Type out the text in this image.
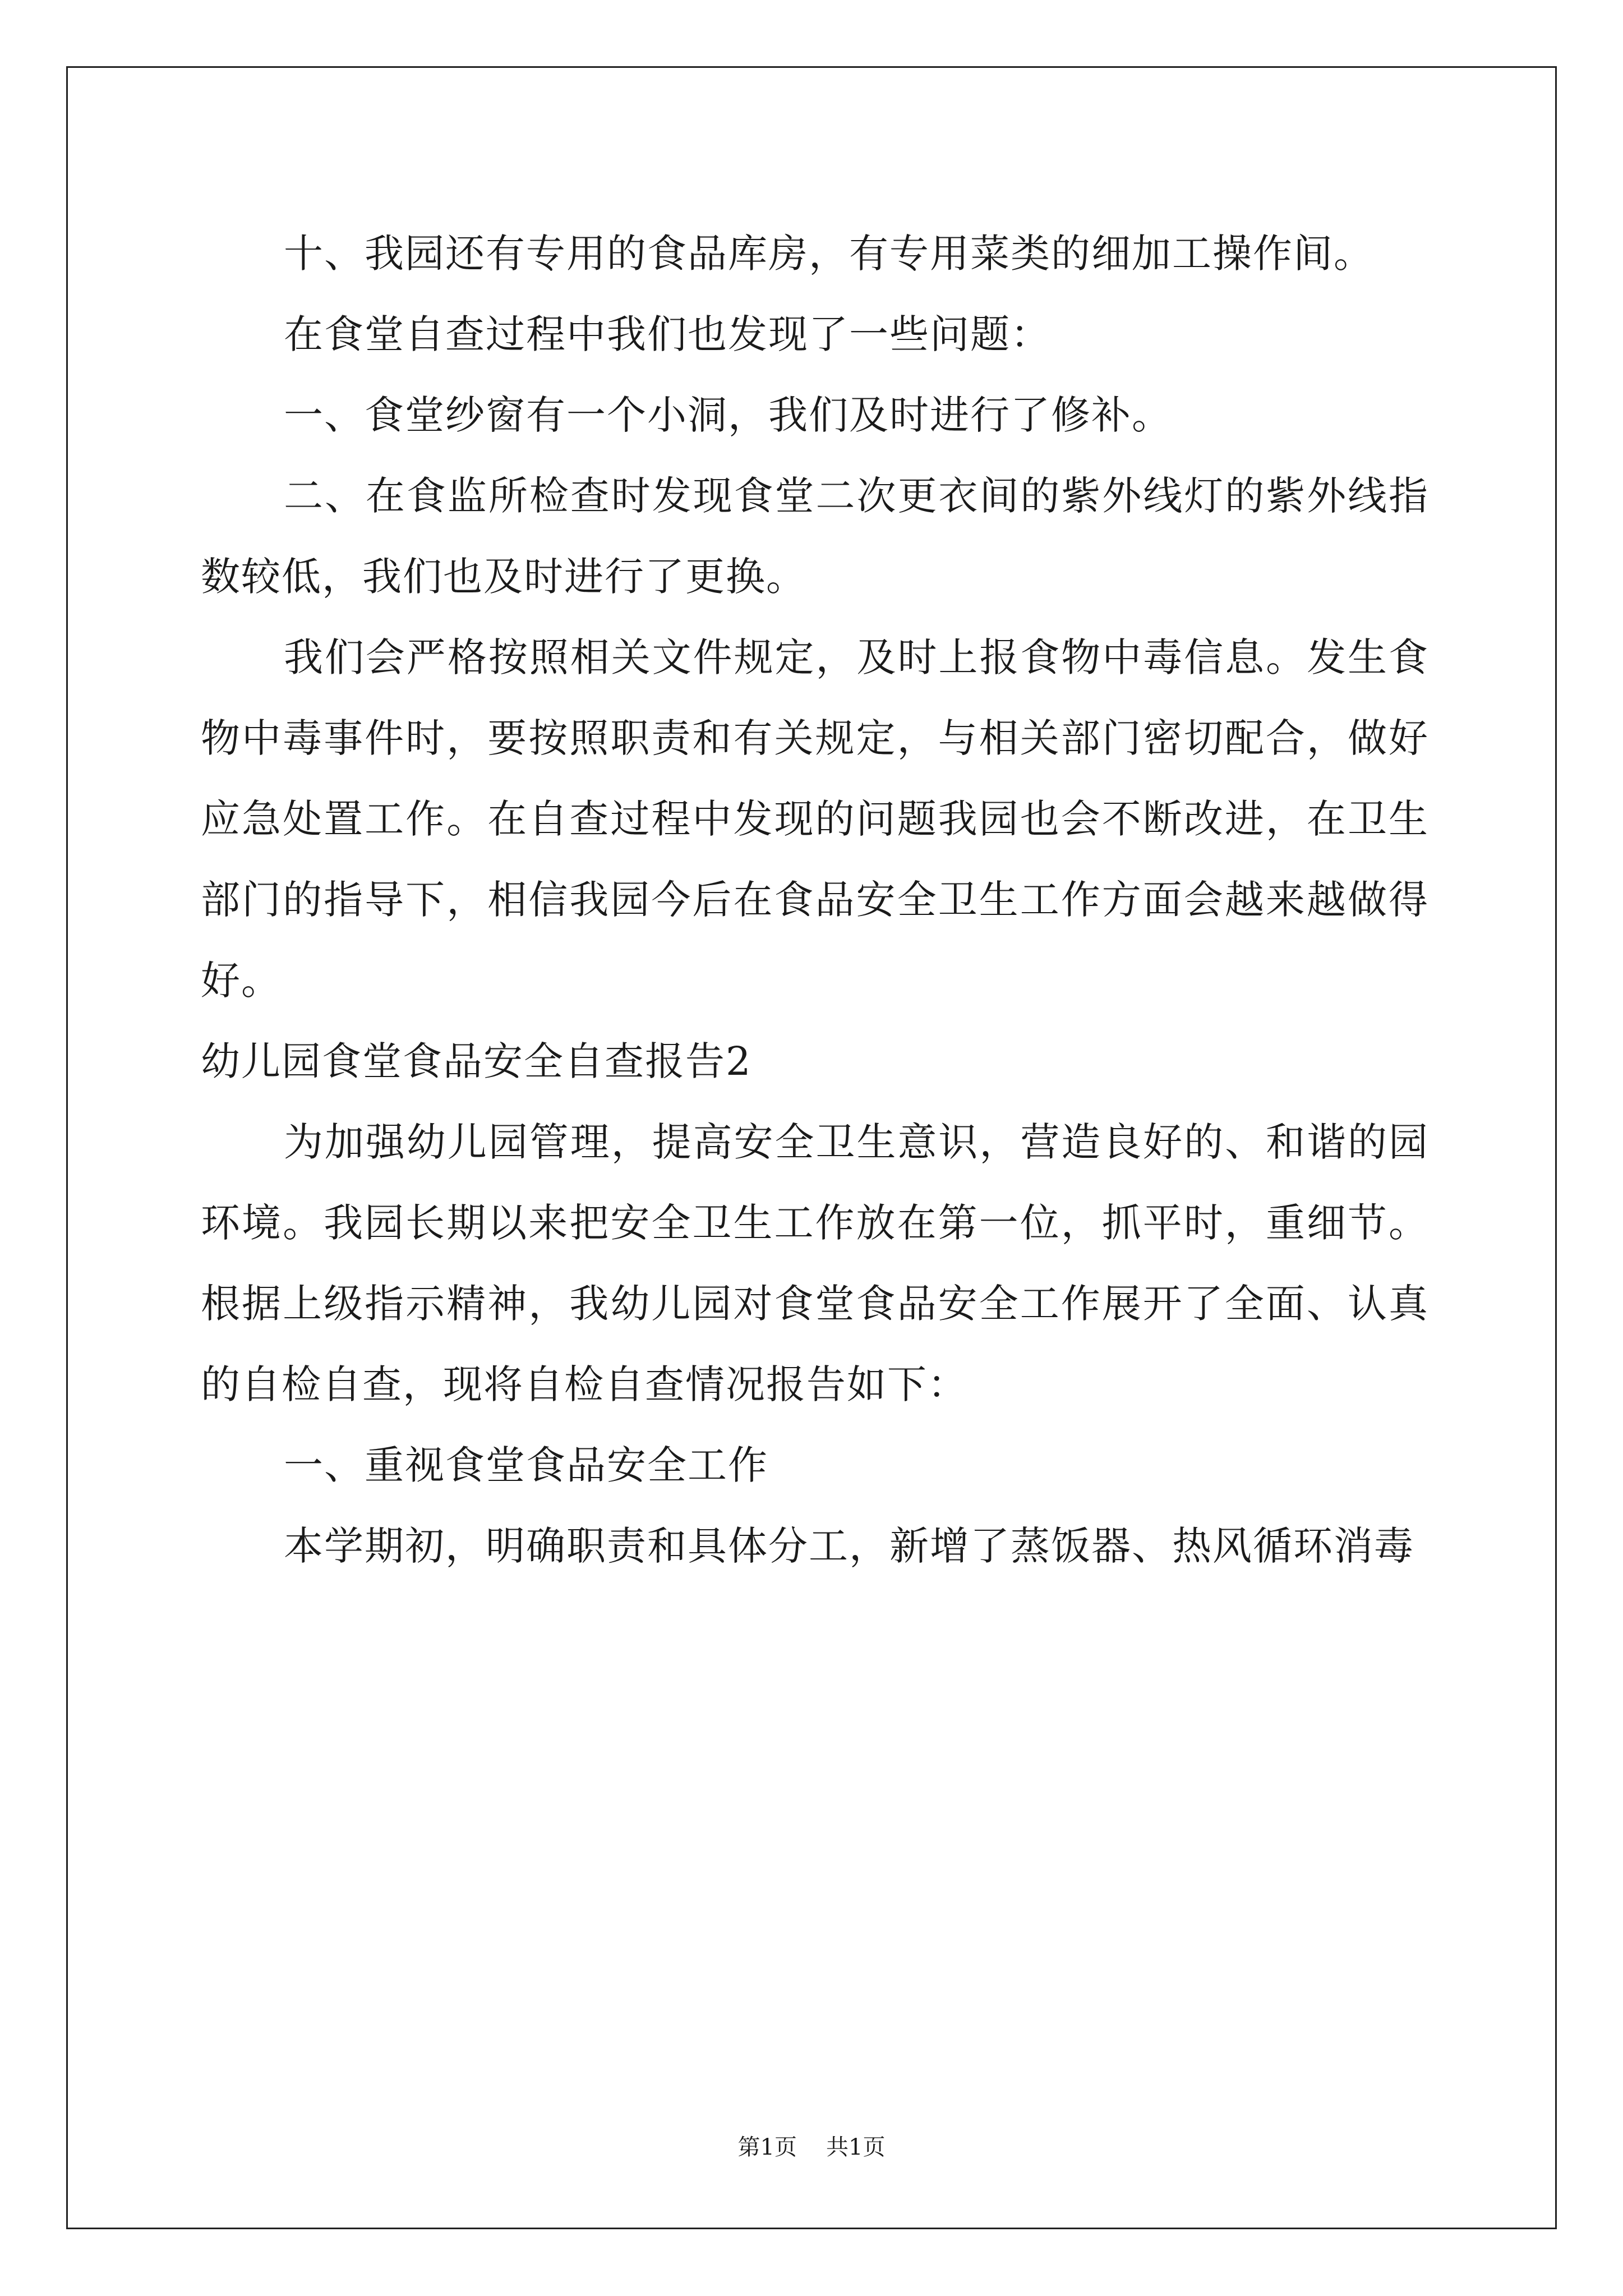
十、我园还有专用的食品库房，有专用菜类的细加工操作间。

在食堂自查过程中我们也发现了一些问题：

一、食堂纱窗有一个小洞，我们及时进行了修补。

二、在食监所检查时发现食堂二次更衣间的紫外线灯的紫外线指数较低，我们也及时进行了更换。

我们会严格按照相关文件规定，及时上报食物中毒信息。发生食物中毒事件时，要按照职责和有关规定，与相关部门密切配合，做好应急处置工作。在自查过程中发现的问题我园也会不断改进，在卫生部门的指导下，相信我园今后在食品安全卫生工作方面会越来越做得好。

幼儿园食堂食品安全自查报告2

为加强幼儿园管理，提高安全卫生意识，营造良好的、和谐的园环境。我园长期以来把安全卫生工作放在第一位，抓平时，重细节。根据上级指示精神，我幼儿园对食堂食品安全工作展开了全面、认真的自检自查，现将自检自查情况报告如下：

一、重视食堂食品安全工作

本学期初，明确职责和具体分工，新增了蒸饭器、热风循环消毒

第1页 共1页
